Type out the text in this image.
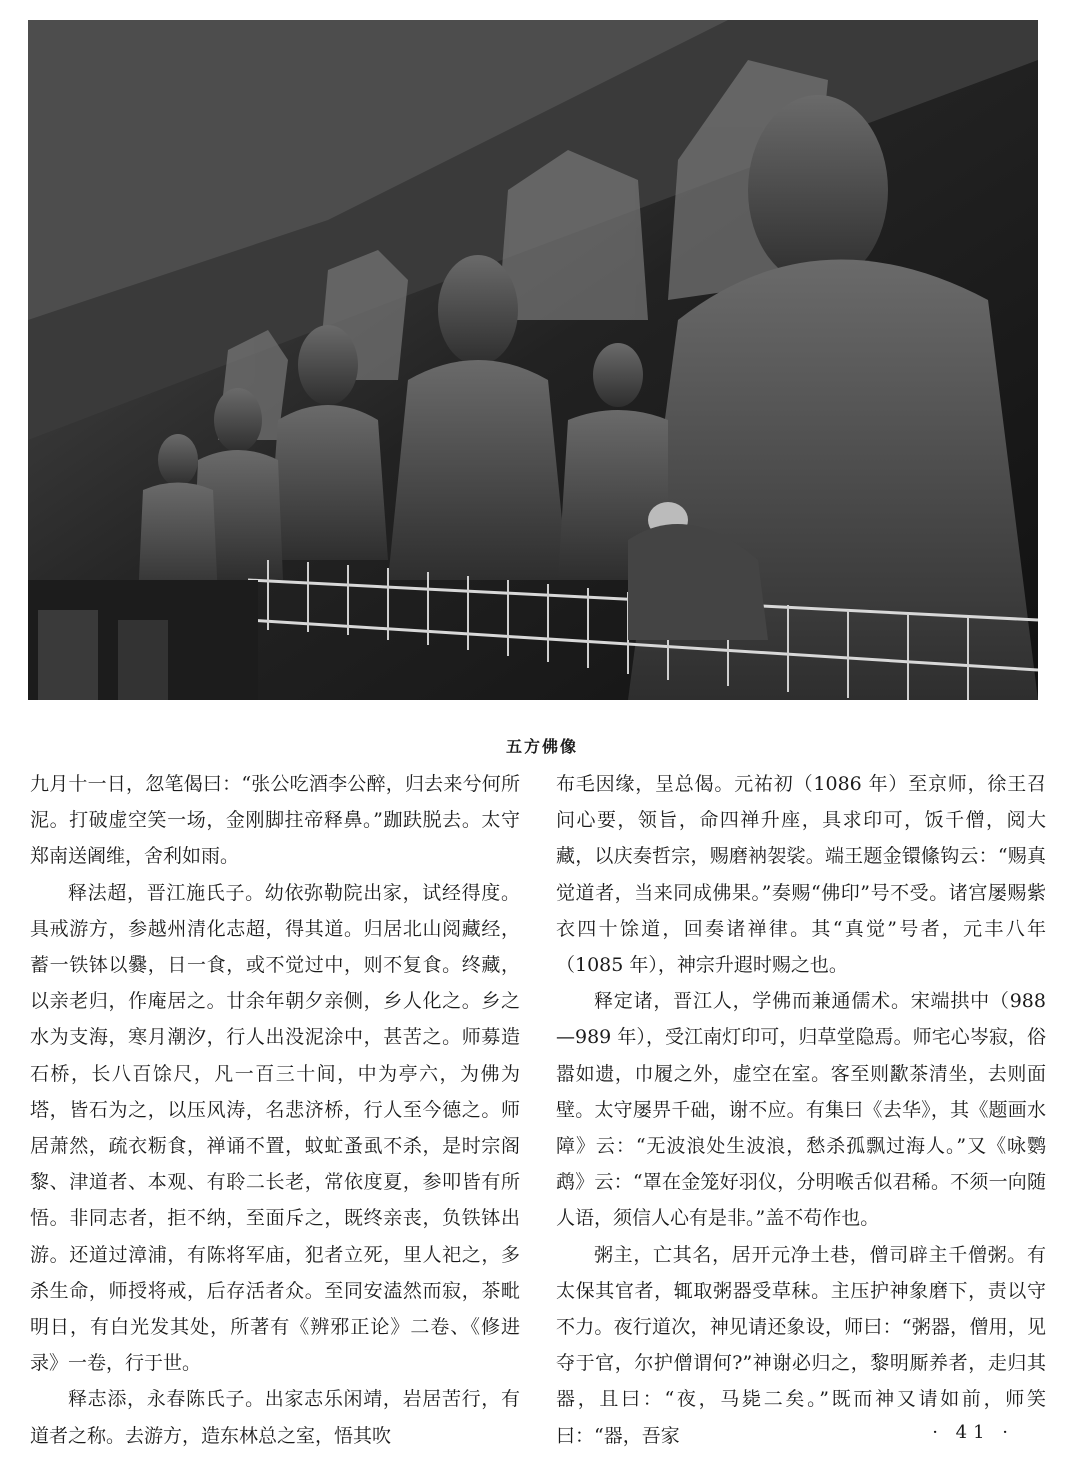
五方佛像

九月十一日，忽笔偈曰：“张公吃酒李公醉，归去来兮何所泥。打破虚空笑一场，金刚脚拄帝释鼻。”跏趺脱去。太守郑南送阇维，舍利如雨。

释法超，晋江施氏子。幼依弥勒院出家，试经得度。具戒游方，参越州清化志超，得其道。归居北山阅藏经，蓄一铁钵以爨，日一食，或不觉过中，则不复食。终藏，以亲老归，作庵居之。廿余年朝夕亲侧，乡人化之。乡之水为支海，寒月潮汐，行人出没泥涂中，甚苦之。师募造石桥，长八百馀尺，凡一百三十间，中为亭六，为佛为塔，皆石为之，以压风涛，名悲济桥，行人至今德之。师居萧然，疏衣粝食，禅诵不置，蚊虻蚤虱不杀，是时宗阁黎、津道者、本观、有聆二长老，常依度夏，参叩皆有所悟。非同志者，拒不纳，至面斥之，既终亲丧，负铁钵出游。还道过漳浦，有陈将军庙，犯者立死，里人祀之，多杀生命，师授将戒，后存活者众。至同安溘然而寂，茶毗明日，有白光发其处，所著有《辨邪正论》二卷、《修进录》一卷，行于世。

释志添，永春陈氏子。出家志乐闲靖，岩居苦行，有道者之称。去游方，造东林总之室，悟其吹

布毛因缘，呈总偈。元祐初（1086 年）至京师，徐王召问心要，领旨，命四禅升座，具求印可，饭千僧，阅大藏，以庆奏哲宗，赐磨衲袈裟。端王题金镮絛钩云：“赐真觉道者，当来同成佛果。”奏赐“佛印”号不受。诸宫屡赐紫衣四十馀道，回奏诸禅律。其“真觉”号者，元丰八年（1085 年），神宗升遐时赐之也。

释定诸，晋江人，学佛而兼通儒术。宋端拱中（988—989 年），受江南灯印可，归草堂隐焉。师宅心岑寂，俗嚣如遗，巾履之外，虚空在室。客至则歠茶清坐，去则面壁。太守屡畀千础，谢不应。有集曰《去华》，其《题画水障》云：“无波浪处生波浪，愁杀孤飘过海人。”又《咏鹦鹉》云：“罩在金笼好羽仪，分明喉舌似君稀。不须一向随人语，须信人心有是非。”盖不苟作也。

粥主，亡其名，居开元净土巷，僧司辟主千僧粥。有太保其官者，辄取粥器受草秣。主压护神象磨下，责以守不力。夜行道次，神见请还象设，师曰：“粥器，僧用，见夺于官，尔护僧谓何?”神谢必归之，黎明厮养者，走归其器，且曰：“夜，马毙二矣。”既而神又请如前，师笑曰：“器，吾家	· 41 ·
